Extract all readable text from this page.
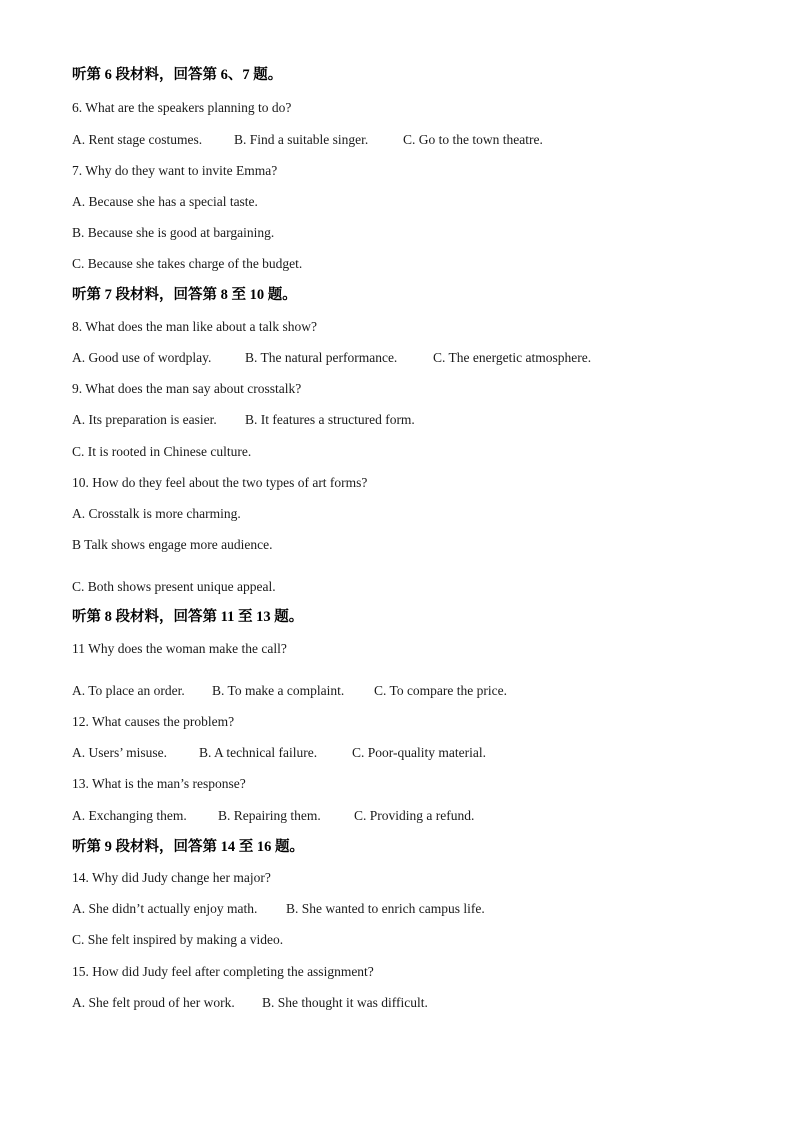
听第 6 段材料，回答第 6、7 题。
6. What are the speakers planning to do?
A. Rent stage costumes. B. Find a suitable singer.	C. Go to the town theatre.
7. Why do they want to invite Emma?
A. Because she has a special taste.
B. Because she is good at bargaining.
C. Because she takes charge of the budget.
听第 7 段材料，回答第 8 至 10 题。
8. What does the man like about a talk show?
A. Good use of wordplay. B. The natural performance.	C. The energetic atmosphere.
9. What does the man say about crosstalk?
A. Its preparation is easier. B. It features a structured form.
C. It is rooted in Chinese culture.
10. How do they feel about the two types of art forms?
A. Crosstalk is more charming.
B Talk shows engage more audience.
C. Both shows present unique appeal.
听第 8 段材料，回答第 11 至 13 题。
11 Why does the woman make the call?
A. To place an order. B. To make a complaint. C. To compare the price.
12. What causes the problem?
A. Users’ misuse. B. A technical failure.	C. Poor-quality material.
13. What is the man’s response?
A. Exchanging them. B. Repairing them. C. Providing a refund.
听第 9 段材料，回答第 14 至 16 题。
14. Why did Judy change her major?
A. She didn’t actually enjoy math. B. She wanted to enrich campus life.
C. She felt inspired by making a video.
15. How did Judy feel after completing the assignment?
A. She felt proud of her work. B. She thought it was difficult.
